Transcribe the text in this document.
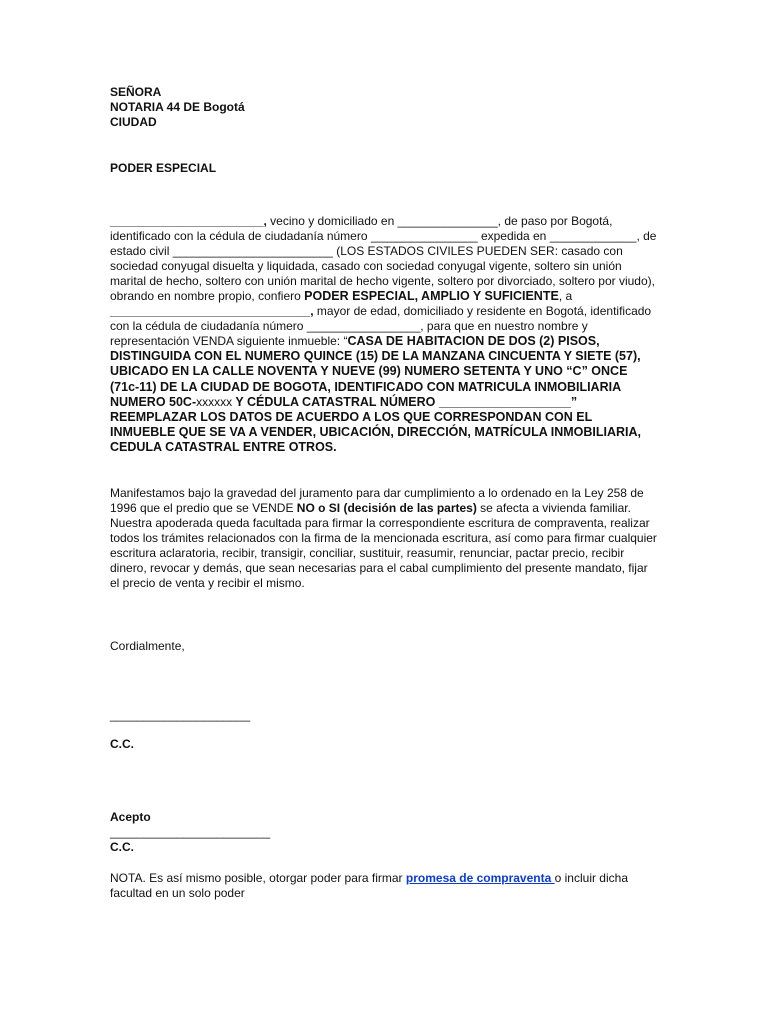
SEÑORA
NOTARIA 44 DE Bogotá
CIUDAD
PODER ESPECIAL

_______________________, vecino y domiciliado en _______________, de paso por Bogotá, identificado con la cédula de ciudadanía número ________________ expedida en _____________, de estado civil ________________________ (LOS ESTADOS CIVILES PUEDEN SER: casado con sociedad conyugal disuelta y liquidada, casado con sociedad conyugal vigente, soltero sin unión marital de hecho, soltero con unión marital de hecho vigente, soltero por divorciado, soltero por viudo), obrando en nombre propio, confiero PODER ESPECIAL, AMPLIO Y SUFICIENTE, a ______________________________, mayor de edad, domiciliado y residente en Bogotá, identificado con la cédula de ciudadanía número _________________, para que en nuestro nombre y representación VENDA siguiente inmueble: “CASA DE HABITACION DE DOS (2) PISOS, DISTINGUIDA CON EL NUMERO QUINCE (15) DE LA MANZANA CINCUENTA Y SIETE (57), UBICADO EN LA CALLE NOVENTA Y NUEVE (99) NUMERO SETENTA Y UNO “C” ONCE (71c-11) DE LA CIUDAD DE BOGOTA, IDENTIFICADO CON MATRICULA INMOBILIARIA NUMERO 50C-xxxxxx Y CÉDULA CATASTRAL NÚMERO ___________________” REEMPLAZAR LOS DATOS DE ACUERDO A LOS QUE CORRESPONDAN CON EL INMUEBLE QUE SE VA A VENDER, UBICACIÓN, DIRECCIÓN, MATRÍCULA INMOBILIARIA, CEDULA CATASTRAL ENTRE OTROS.

Manifestamos bajo la gravedad del juramento para dar cumplimiento a lo ordenado en la Ley 258 de 1996 que el predio que se VENDE NO o SI (decisión de las partes) se afecta a vivienda familiar.
Nuestra apoderada queda facultada para firmar la correspondiente escritura de compraventa, realizar todos los trámites relacionados con la firma de la mencionada escritura, así como para firmar cualquier escritura aclaratoria, recibir, transigir, conciliar, sustituir, reasumir, renunciar, pactar precio, recibir dinero, revocar y demás, que sean necesarias para el cabal cumplimiento del presente mandato, fijar el precio de venta y recibir el mismo.

Cordialmente,
_____________________
C.C.
Acepto
________________________
C.C.

NOTA. Es así mismo posible, otorgar poder para firmar promesa de compraventa o incluir dicha facultad en un solo poder
